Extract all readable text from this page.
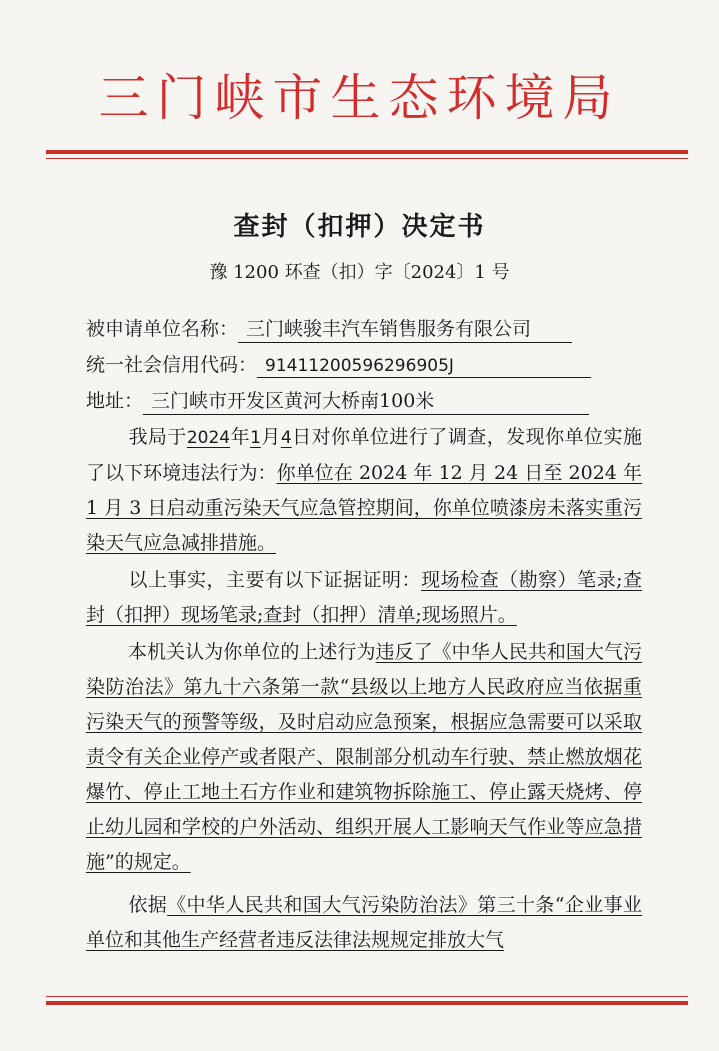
三门峡市生态环境局
查封（扣押）决定书
豫 1200 环查（扣）字〔2024〕1 号
被申请单位名称： 三门峡骏丰汽车销售服务有限公司
统一社会信用代码： 91411200596296905J
地址： 三门峡市开发区黄河大桥南100米
我局于2024年1月4日对你单位进行了调查，发现你单位实施了以下环境违法行为：你单位在 2024 年 12 月 24 日至 2024 年 1 月 3 日启动重污染天气应急管控期间，你单位喷漆房未落实重污染天气应急减排措施。
以上事实，主要有以下证据证明：现场检查（勘察）笔录;查封（扣押）现场笔录;查封（扣押）清单;现场照片。
本机关认为你单位的上述行为违反了《中华人民共和国大气污染防治法》第九十六条第一款“县级以上地方人民政府应当依据重污染天气的预警等级，及时启动应急预案，根据应急需要可以采取责令有关企业停产或者限产、限制部分机动车行驶、禁止燃放烟花爆竹、停止工地土石方作业和建筑物拆除施工、停止露天烧烤、停止幼儿园和学校的户外活动、组织开展人工影响天气作业等应急措施”的规定。
依据《中华人民共和国大气污染防治法》第三十条“企业事业单位和其他生产经营者违反法律法规规定排放大气
